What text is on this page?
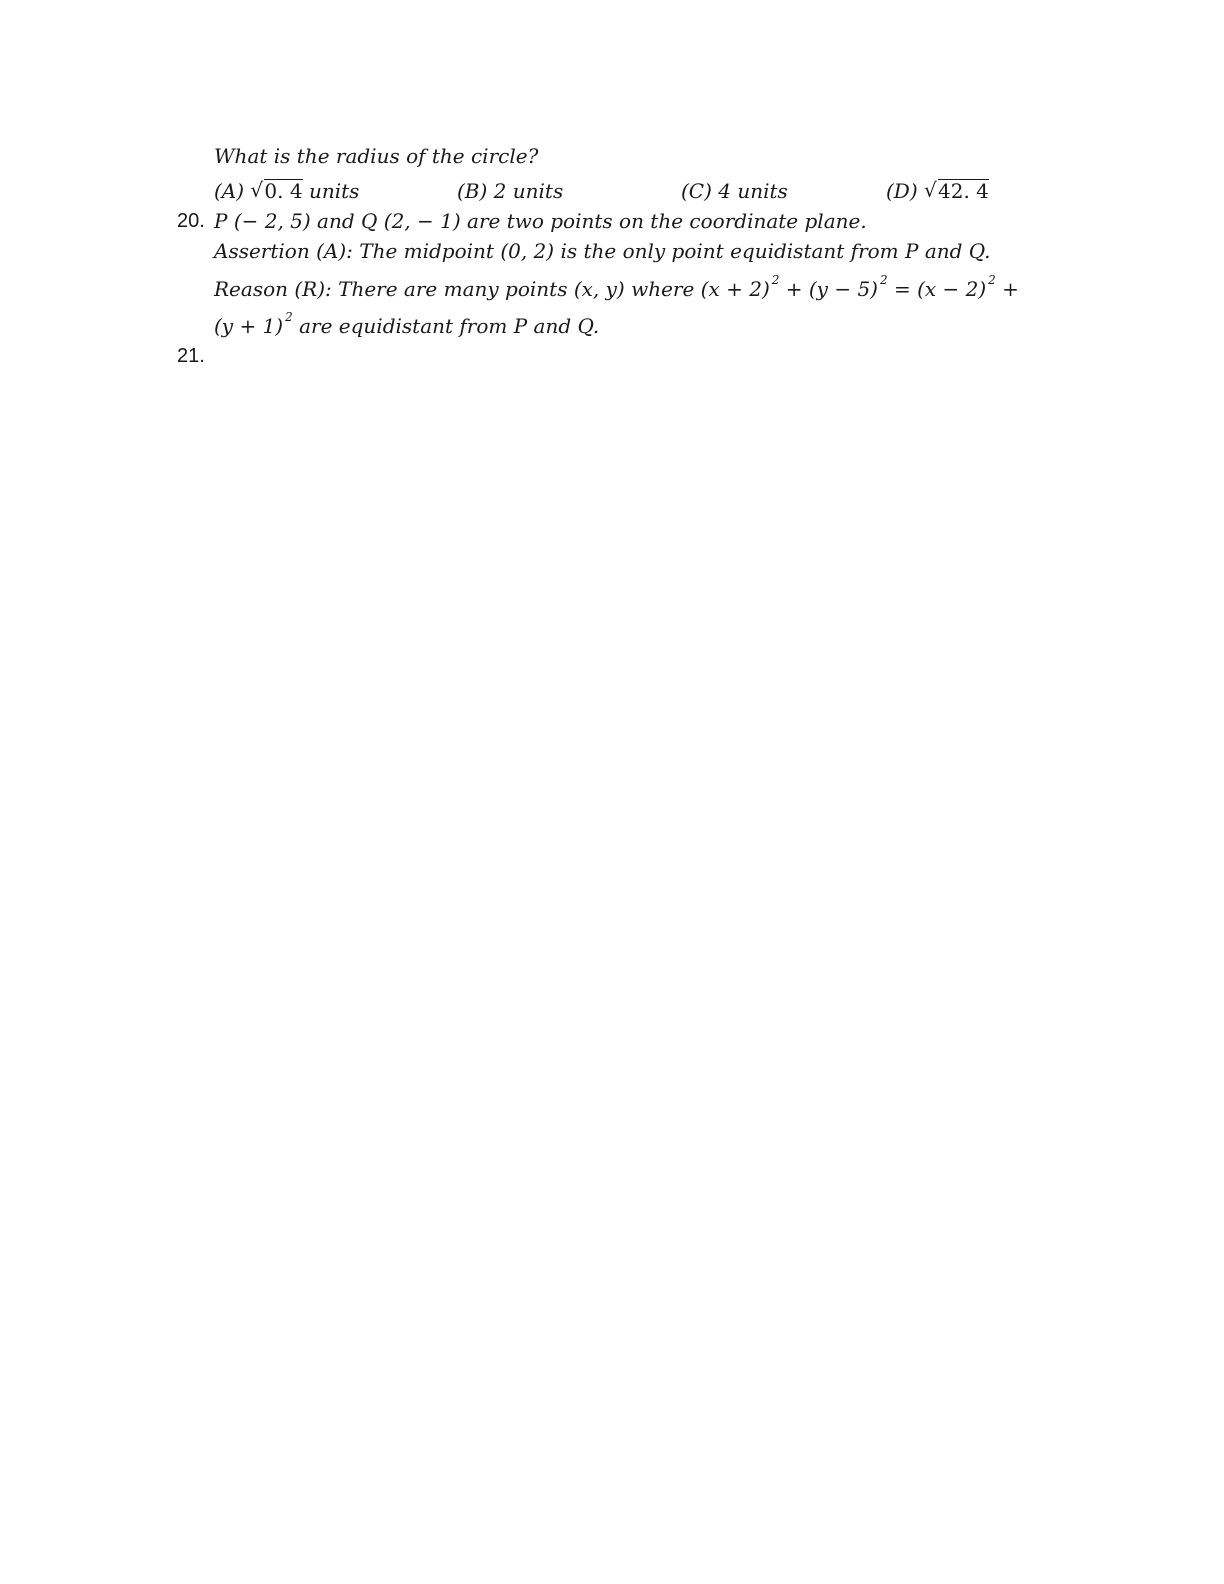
What is the radius of the circle?
(A) √ 0. 4 units	(B) 2 units	(C) 4 units	(D) √ 42. 4
20. P (− 2, 5) and Q (2, − 1) are two points on the coordinate plane.
Assertion (A): The midpoint (0, 2) is the only point equidistant from P and Q.
Reason (R): There are many points (x, y) where (x + 2) $^2$ + (y − 5) $^2$ = (x − 2) $^2$ +
(y + 1) $^2$ are equidistant from P and Q.
21.
